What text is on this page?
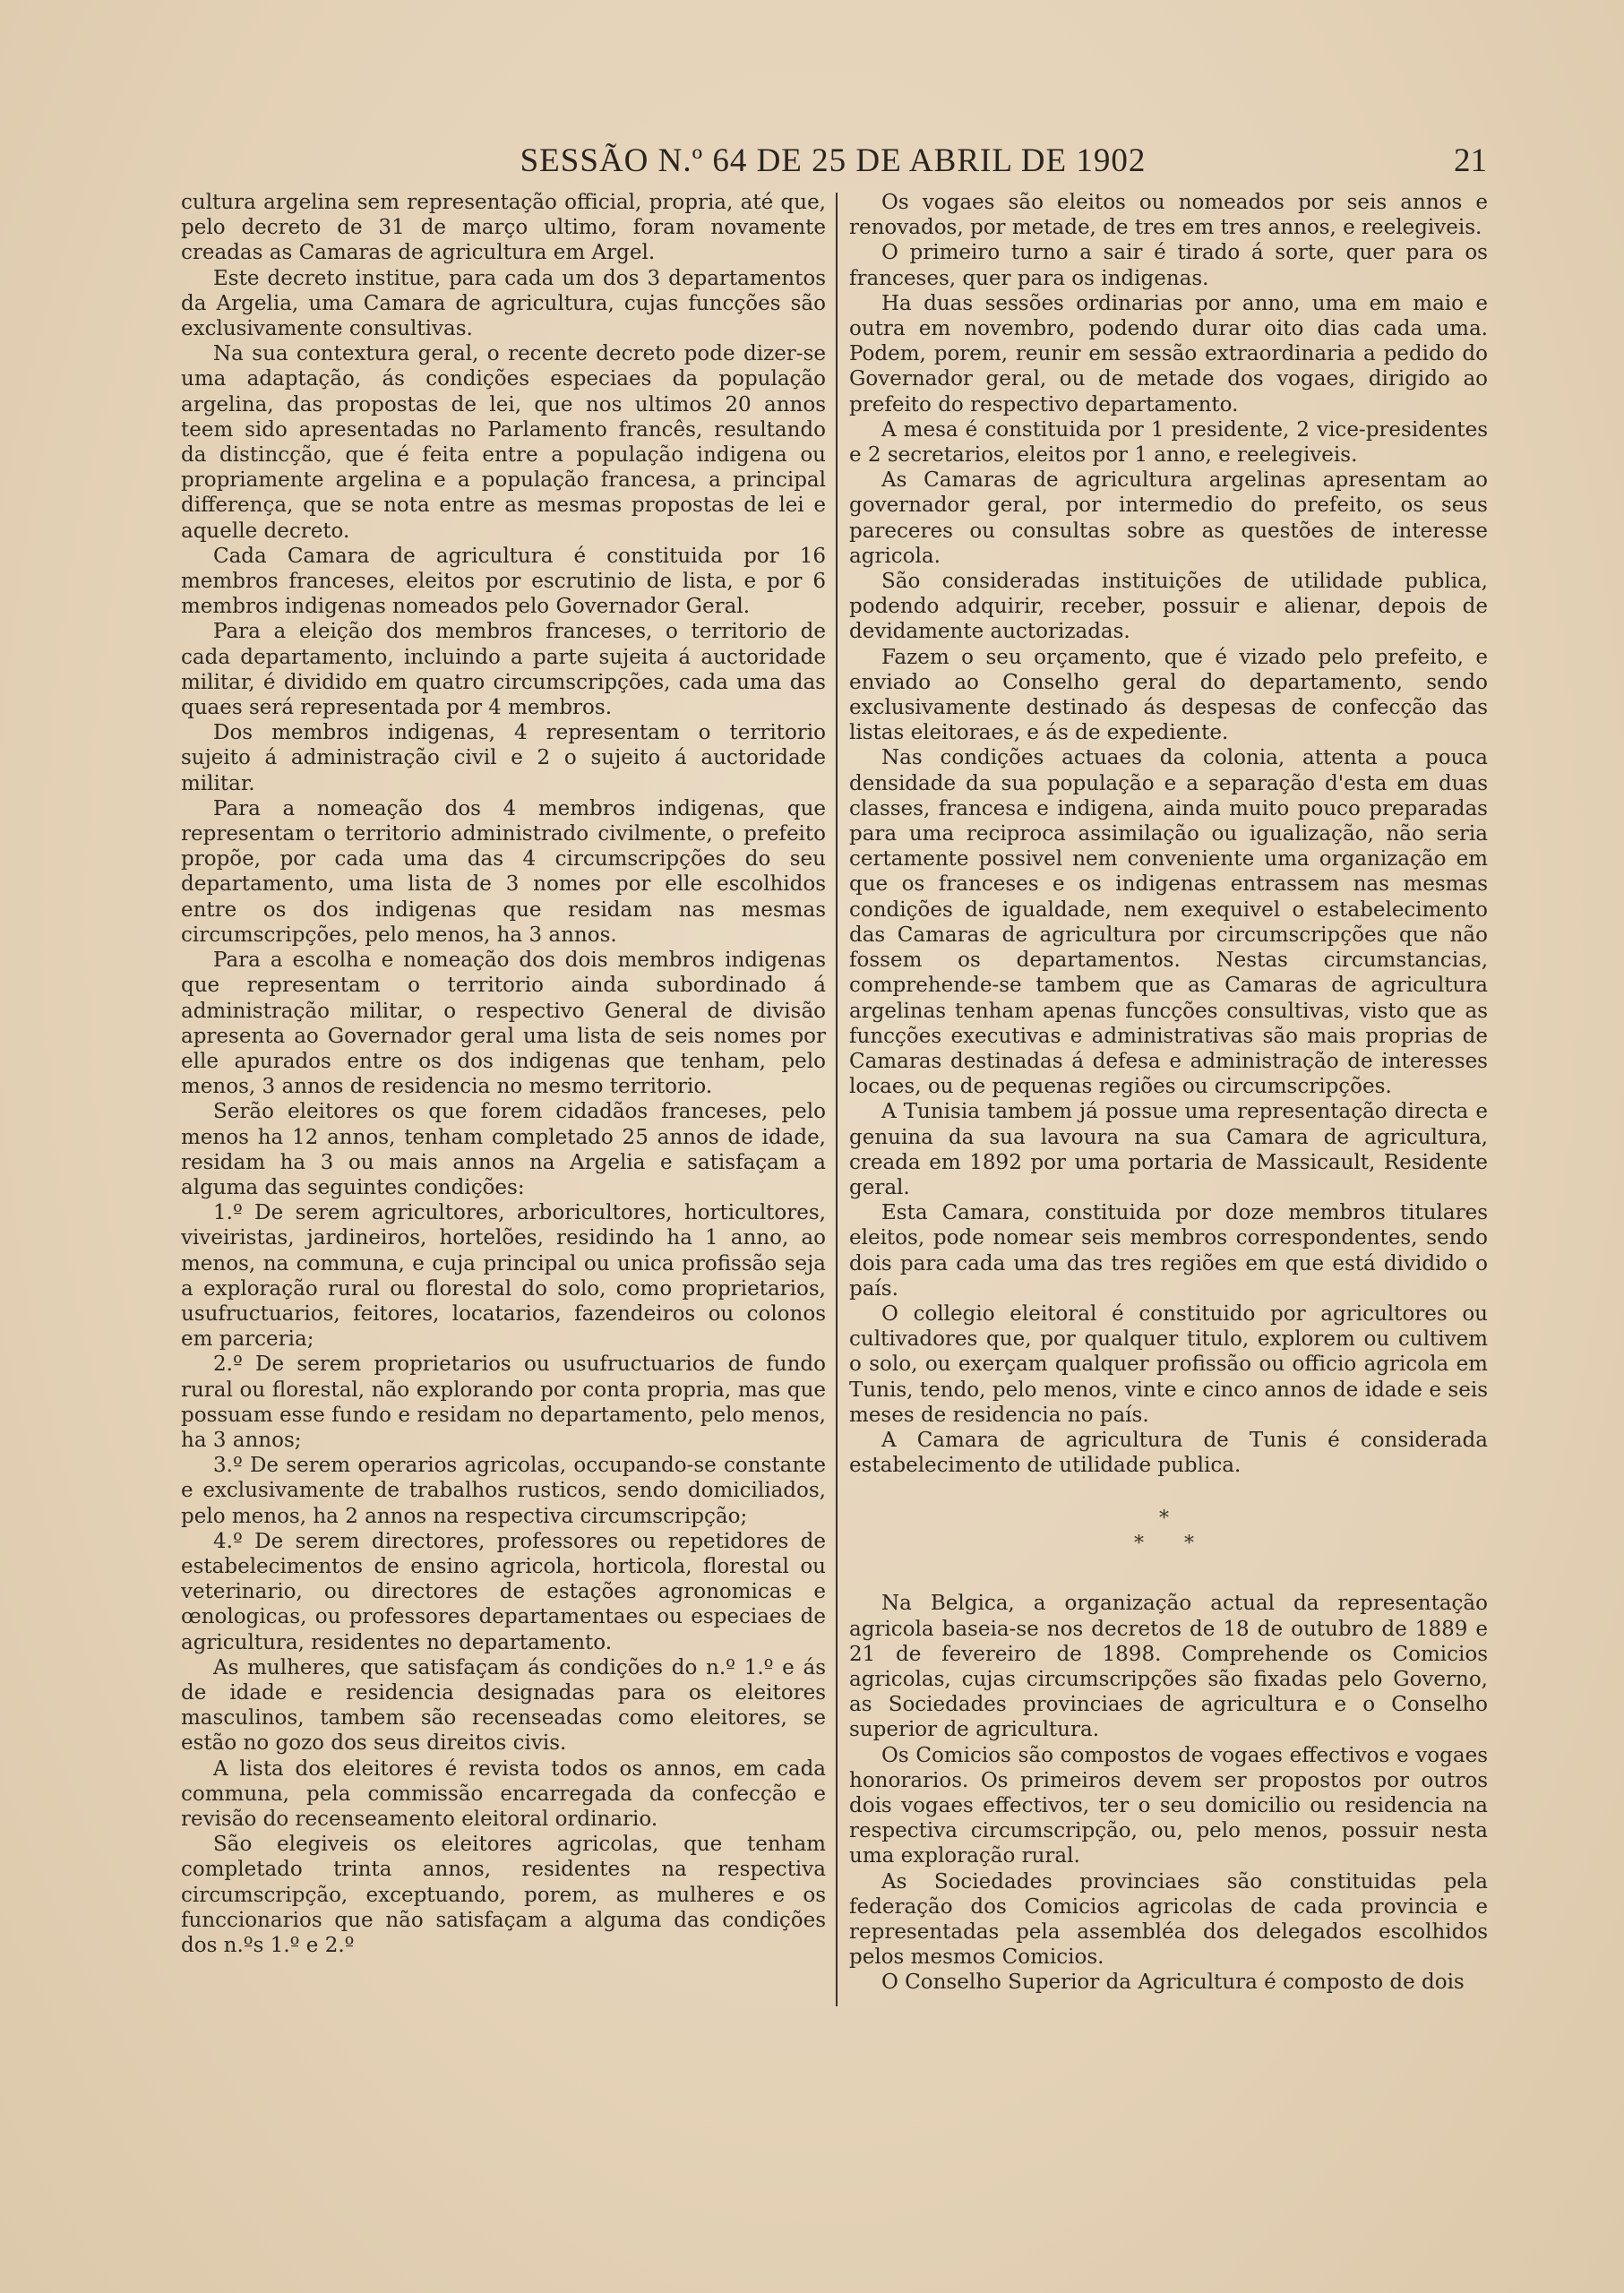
SESSÃO N.º 64 DE 25 DE ABRIL DE 1902	21

cultura argelina sem representação official, propria, até que, pelo decreto de 31 de março ultimo, foram novamente creadas as Camaras de agricultura em Argel.

Este decreto institue, para cada um dos 3 departamentos da Argelia, uma Camara de agricultura, cujas funcções são exclusivamente consultivas.

Na sua contextura geral, o recente decreto pode dizer-se uma adaptação, ás condições especiaes da população argelina, das propostas de lei, que nos ultimos 20 annos teem sido apresentadas no Parlamento francês, resultando da distincção, que é feita entre a população indigena ou propriamente argelina e a população francesa, a principal differença, que se nota entre as mesmas propostas de lei e aquelle decreto.

Cada Camara de agricultura é constituida por 16 membros franceses, eleitos por escrutinio de lista, e por 6 membros indigenas nomeados pelo Governador Geral.

Para a eleição dos membros franceses, o territorio de cada departamento, incluindo a parte sujeita á auctoridade militar, é dividido em quatro circumscripções, cada uma das quaes será representada por 4 membros.

Dos membros indigenas, 4 representam o territorio sujeito á administração civil e 2 o sujeito á auctoridade militar.

Para a nomeação dos 4 membros indigenas, que representam o territorio administrado civilmente, o prefeito propõe, por cada uma das 4 circumscripções do seu departamento, uma lista de 3 nomes por elle escolhidos entre os dos indigenas que residam nas mesmas circumscripções, pelo menos, ha 3 annos.

Para a escolha e nomeação dos dois membros indigenas que representam o territorio ainda subordinado á administração militar, o respectivo General de divisão apresenta ao Governador geral uma lista de seis nomes por elle apurados entre os dos indigenas que tenham, pelo menos, 3 annos de residencia no mesmo territorio.

Serão eleitores os que forem cidadãos franceses, pelo menos ha 12 annos, tenham completado 25 annos de idade, residam ha 3 ou mais annos na Argelia e satisfaçam a alguma das seguintes condições:

1.º De serem agricultores, arboricultores, horticultores, viveiristas, jardineiros, hortelões, residindo ha 1 anno, ao menos, na communa, e cuja principal ou unica profissão seja a exploração rural ou florestal do solo, como proprietarios, usufructuarios, feitores, locatarios, fazendeiros ou colonos em parceria;

2.º De serem proprietarios ou usufructuarios de fundo rural ou florestal, não explorando por conta propria, mas que possuam esse fundo e residam no departamento, pelo menos, ha 3 annos;

3.º De serem operarios agricolas, occupando-se constante e exclusivamente de trabalhos rusticos, sendo domiciliados, pelo menos, ha 2 annos na respectiva circumscripção;

4.º De serem directores, professores ou repetidores de estabelecimentos de ensino agricola, horticola, florestal ou veterinario, ou directores de estações agronomicas e œnologicas, ou professores departamentaes ou especiaes de agricultura, residentes no departamento.

As mulheres, que satisfaçam ás condições do n.º 1.º e ás de idade e residencia designadas para os eleitores masculinos, tambem são recenseadas como eleitores, se estão no gozo dos seus direitos civis.

A lista dos eleitores é revista todos os annos, em cada communa, pela commissão encarregada da confecção e revisão do recenseamento eleitoral ordinario.

São elegiveis os eleitores agricolas, que tenham completado trinta annos, residentes na respectiva circumscripção, exceptuando, porem, as mulheres e os funccionarios que não satisfaçam a alguma das condições dos n.ºs 1.º e 2.º

Os vogaes são eleitos ou nomeados por seis annos e renovados, por metade, de tres em tres annos, e reelegiveis.

O primeiro turno a sair é tirado á sorte, quer para os franceses, quer para os indigenas.

Ha duas sessões ordinarias por anno, uma em maio e outra em novembro, podendo durar oito dias cada uma. Podem, porem, reunir em sessão extraordinaria a pedido do Governador geral, ou de metade dos vogaes, dirigido ao prefeito do respectivo departamento.

A mesa é constituida por 1 presidente, 2 vice-presidentes e 2 secretarios, eleitos por 1 anno, e reelegiveis.

As Camaras de agricultura argelinas apresentam ao governador geral, por intermedio do prefeito, os seus pareceres ou consultas sobre as questões de interesse agricola.

São consideradas instituições de utilidade publica, podendo adquirir, receber, possuir e alienar, depois de devidamente auctorizadas.

Fazem o seu orçamento, que é vizado pelo prefeito, e enviado ao Conselho geral do departamento, sendo exclusivamente destinado ás despesas de confecção das listas eleitoraes, e ás de expediente.

Nas condições actuaes da colonia, attenta a pouca densidade da sua população e a separação d'esta em duas classes, francesa e indigena, ainda muito pouco preparadas para uma reciproca assimilação ou igualização, não seria certamente possivel nem conveniente uma organização em que os franceses e os indigenas entrassem nas mesmas condições de igualdade, nem exequivel o estabelecimento das Camaras de agricultura por circumscripções que não fossem os departamentos. Nestas circumstancias, comprehende-se tambem que as Camaras de agricultura argelinas tenham apenas funcções consultivas, visto que as funcções executivas e administrativas são mais proprias de Camaras destinadas á defesa e administração de interesses locaes, ou de pequenas regiões ou circumscripções.

A Tunisia tambem já possue uma representação directa e genuina da sua lavoura na sua Camara de agricultura, creada em 1892 por uma portaria de Massicault, Residente geral.

Esta Camara, constituida por doze membros titulares eleitos, pode nomear seis membros correspondentes, sendo dois para cada uma das tres regiões em que está dividido o país.

O collegio eleitoral é constituido por agricultores ou cultivadores que, por qualquer titulo, explorem ou cultivem o solo, ou exerçam qualquer profissão ou officio agricola em Tunis, tendo, pelo menos, vinte e cinco annos de idade e seis meses de residencia no país.

A Camara de agricultura de Tunis é considerada estabelecimento de utilidade publica.

*
* *

Na Belgica, a organização actual da representação agricola baseia-se nos decretos de 18 de outubro de 1889 e 21 de fevereiro de 1898. Comprehende os Comicios agricolas, cujas circumscripções são fixadas pelo Governo, as Sociedades provinciaes de agricultura e o Conselho superior de agricultura.

Os Comicios são compostos de vogaes effectivos e vogaes honorarios. Os primeiros devem ser propostos por outros dois vogaes effectivos, ter o seu domicilio ou residencia na respectiva circumscripção, ou, pelo menos, possuir nesta uma exploração rural.

As Sociedades provinciaes são constituidas pela federação dos Comicios agricolas de cada provincia e representadas pela assembléa dos delegados escolhidos pelos mesmos Comicios.

O Conselho Superior da Agricultura é composto de dois
